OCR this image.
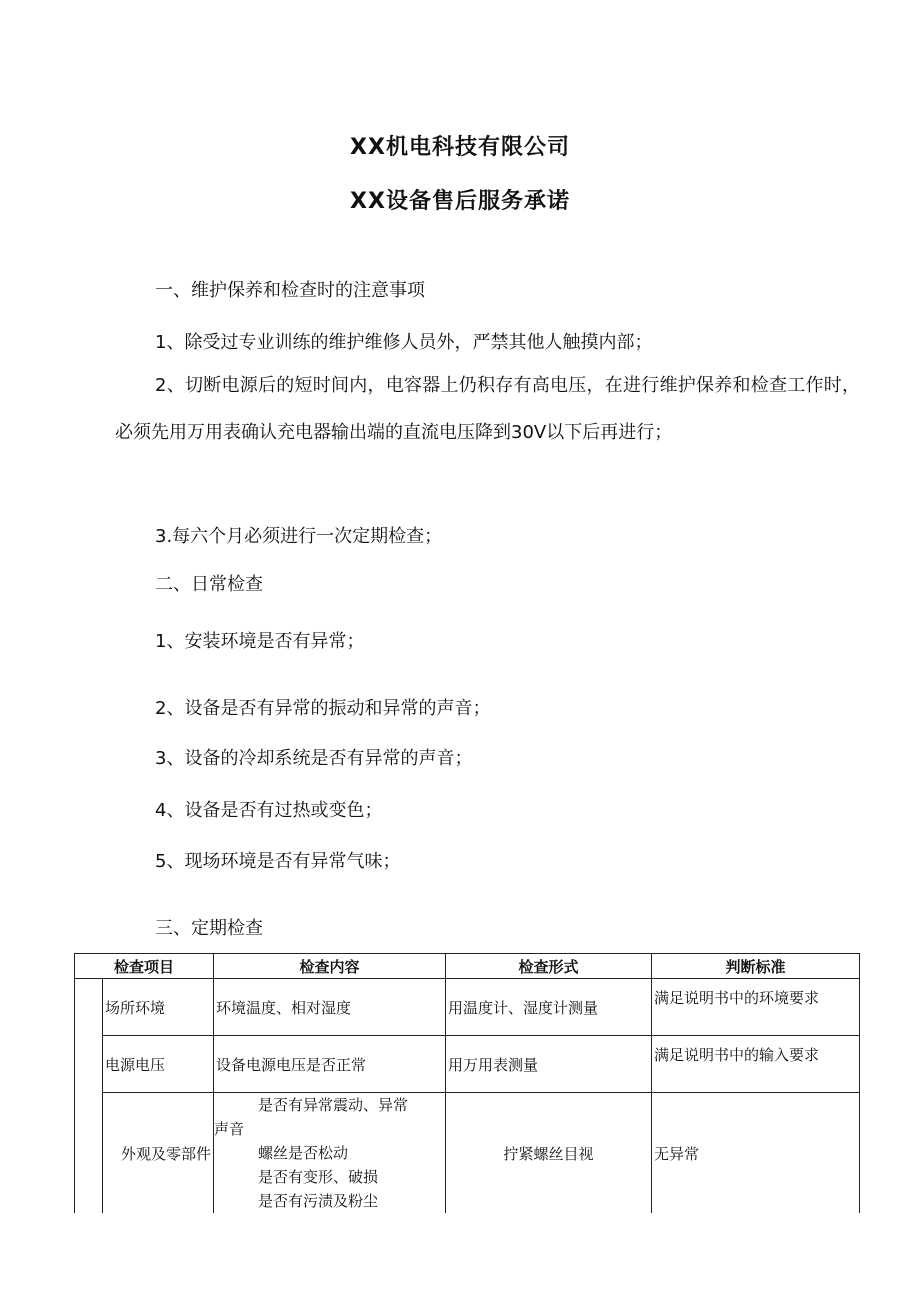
XX机电科技有限公司
XX设备售后服务承诺
一、维护保养和检查时的注意事项
1、除受过专业训练的维护维修人员外，严禁其他人触摸内部；
2、切断电源后的短时间内，电容器上仍积存有高电压，在进行维护保养和检查工作时，必须先用万用表确认充电器输出端的直流电压降到30V以下后再进行；
3.每六个月必须进行一次定期检查；
二、日常检查
1、安装环境是否有异常；
2、设备是否有异常的振动和异常的声音；
3、设备的冷却系统是否有异常的声音；
4、设备是否有过热或变色；
5、现场环境是否有异常气味；
三、定期检查
检查项目		检查内容	检查形式	判断标准
	场所环境	环境温度、相对湿度	用温度计、湿度计测量	满足说明书中的环境要求
	电源电压	设备电源电压是否正常	用万用表测量	满足说明书中的输入要求
	外观及零部件	是否有异常震动、异常
声音
螺丝是否松动
是否有变形、破损
是否有污渍及粉尘	拧紧螺丝目视	无异常
